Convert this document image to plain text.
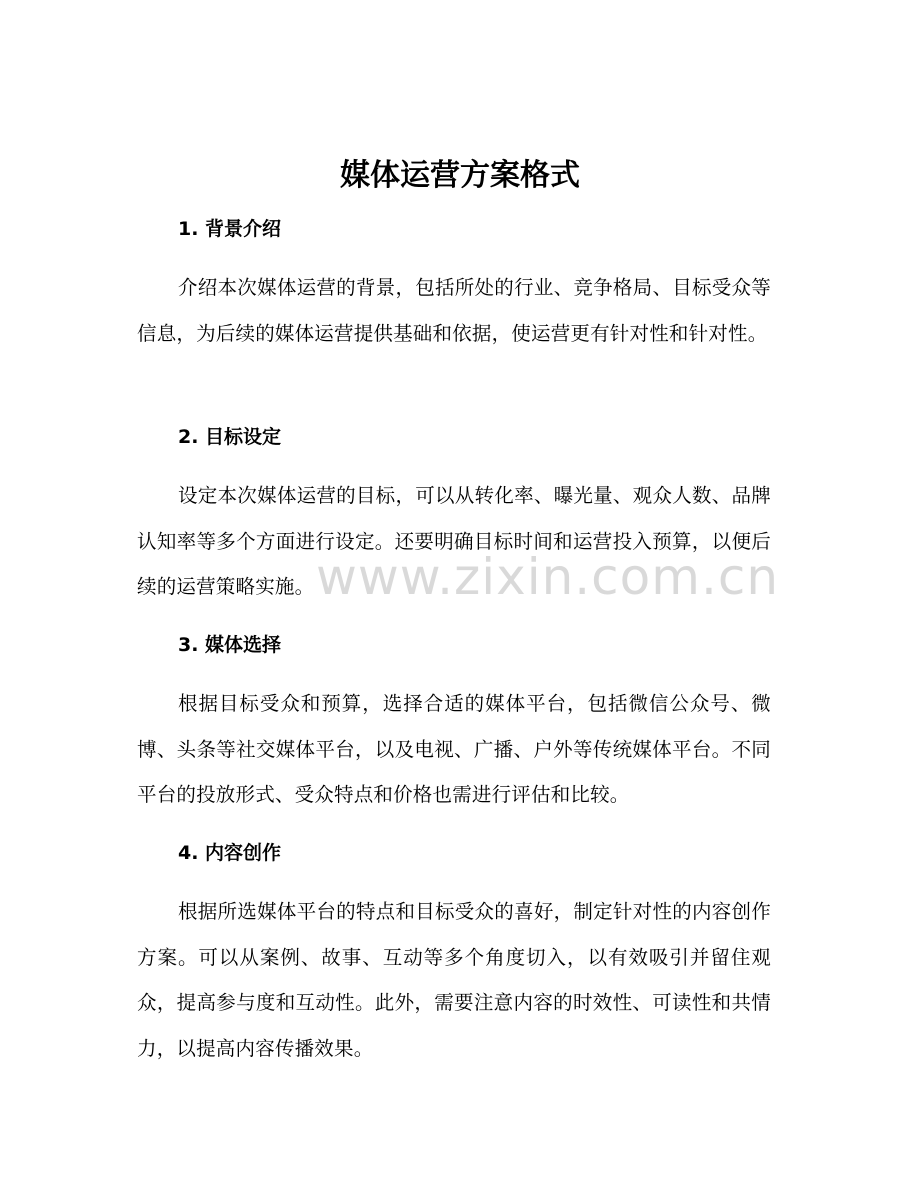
媒体运营方案格式
1. 背景介绍

介绍本次媒体运营的背景，包括所处的行业、竞争格局、目标受众等信息，为后续的媒体运营提供基础和依据，使运营更有针对性和针对性。

2. 目标设定

设定本次媒体运营的目标，可以从转化率、曝光量、观众人数、品牌认知率等多个方面进行设定。还要明确目标时间和运营投入预算，以便后续的运营策略实施。

3. 媒体选择

根据目标受众和预算，选择合适的媒体平台，包括微信公众号、微博、头条等社交媒体平台，以及电视、广播、户外等传统媒体平台。不同平台的投放形式、受众特点和价格也需进行评估和比较。

4. 内容创作

根据所选媒体平台的特点和目标受众的喜好，制定针对性的内容创作方案。可以从案例、故事、互动等多个角度切入，以有效吸引并留住观众，提高参与度和互动性。此外，需要注意内容的时效性、可读性和共情力，以提高内容传播效果。

www.zixin.com.cn
